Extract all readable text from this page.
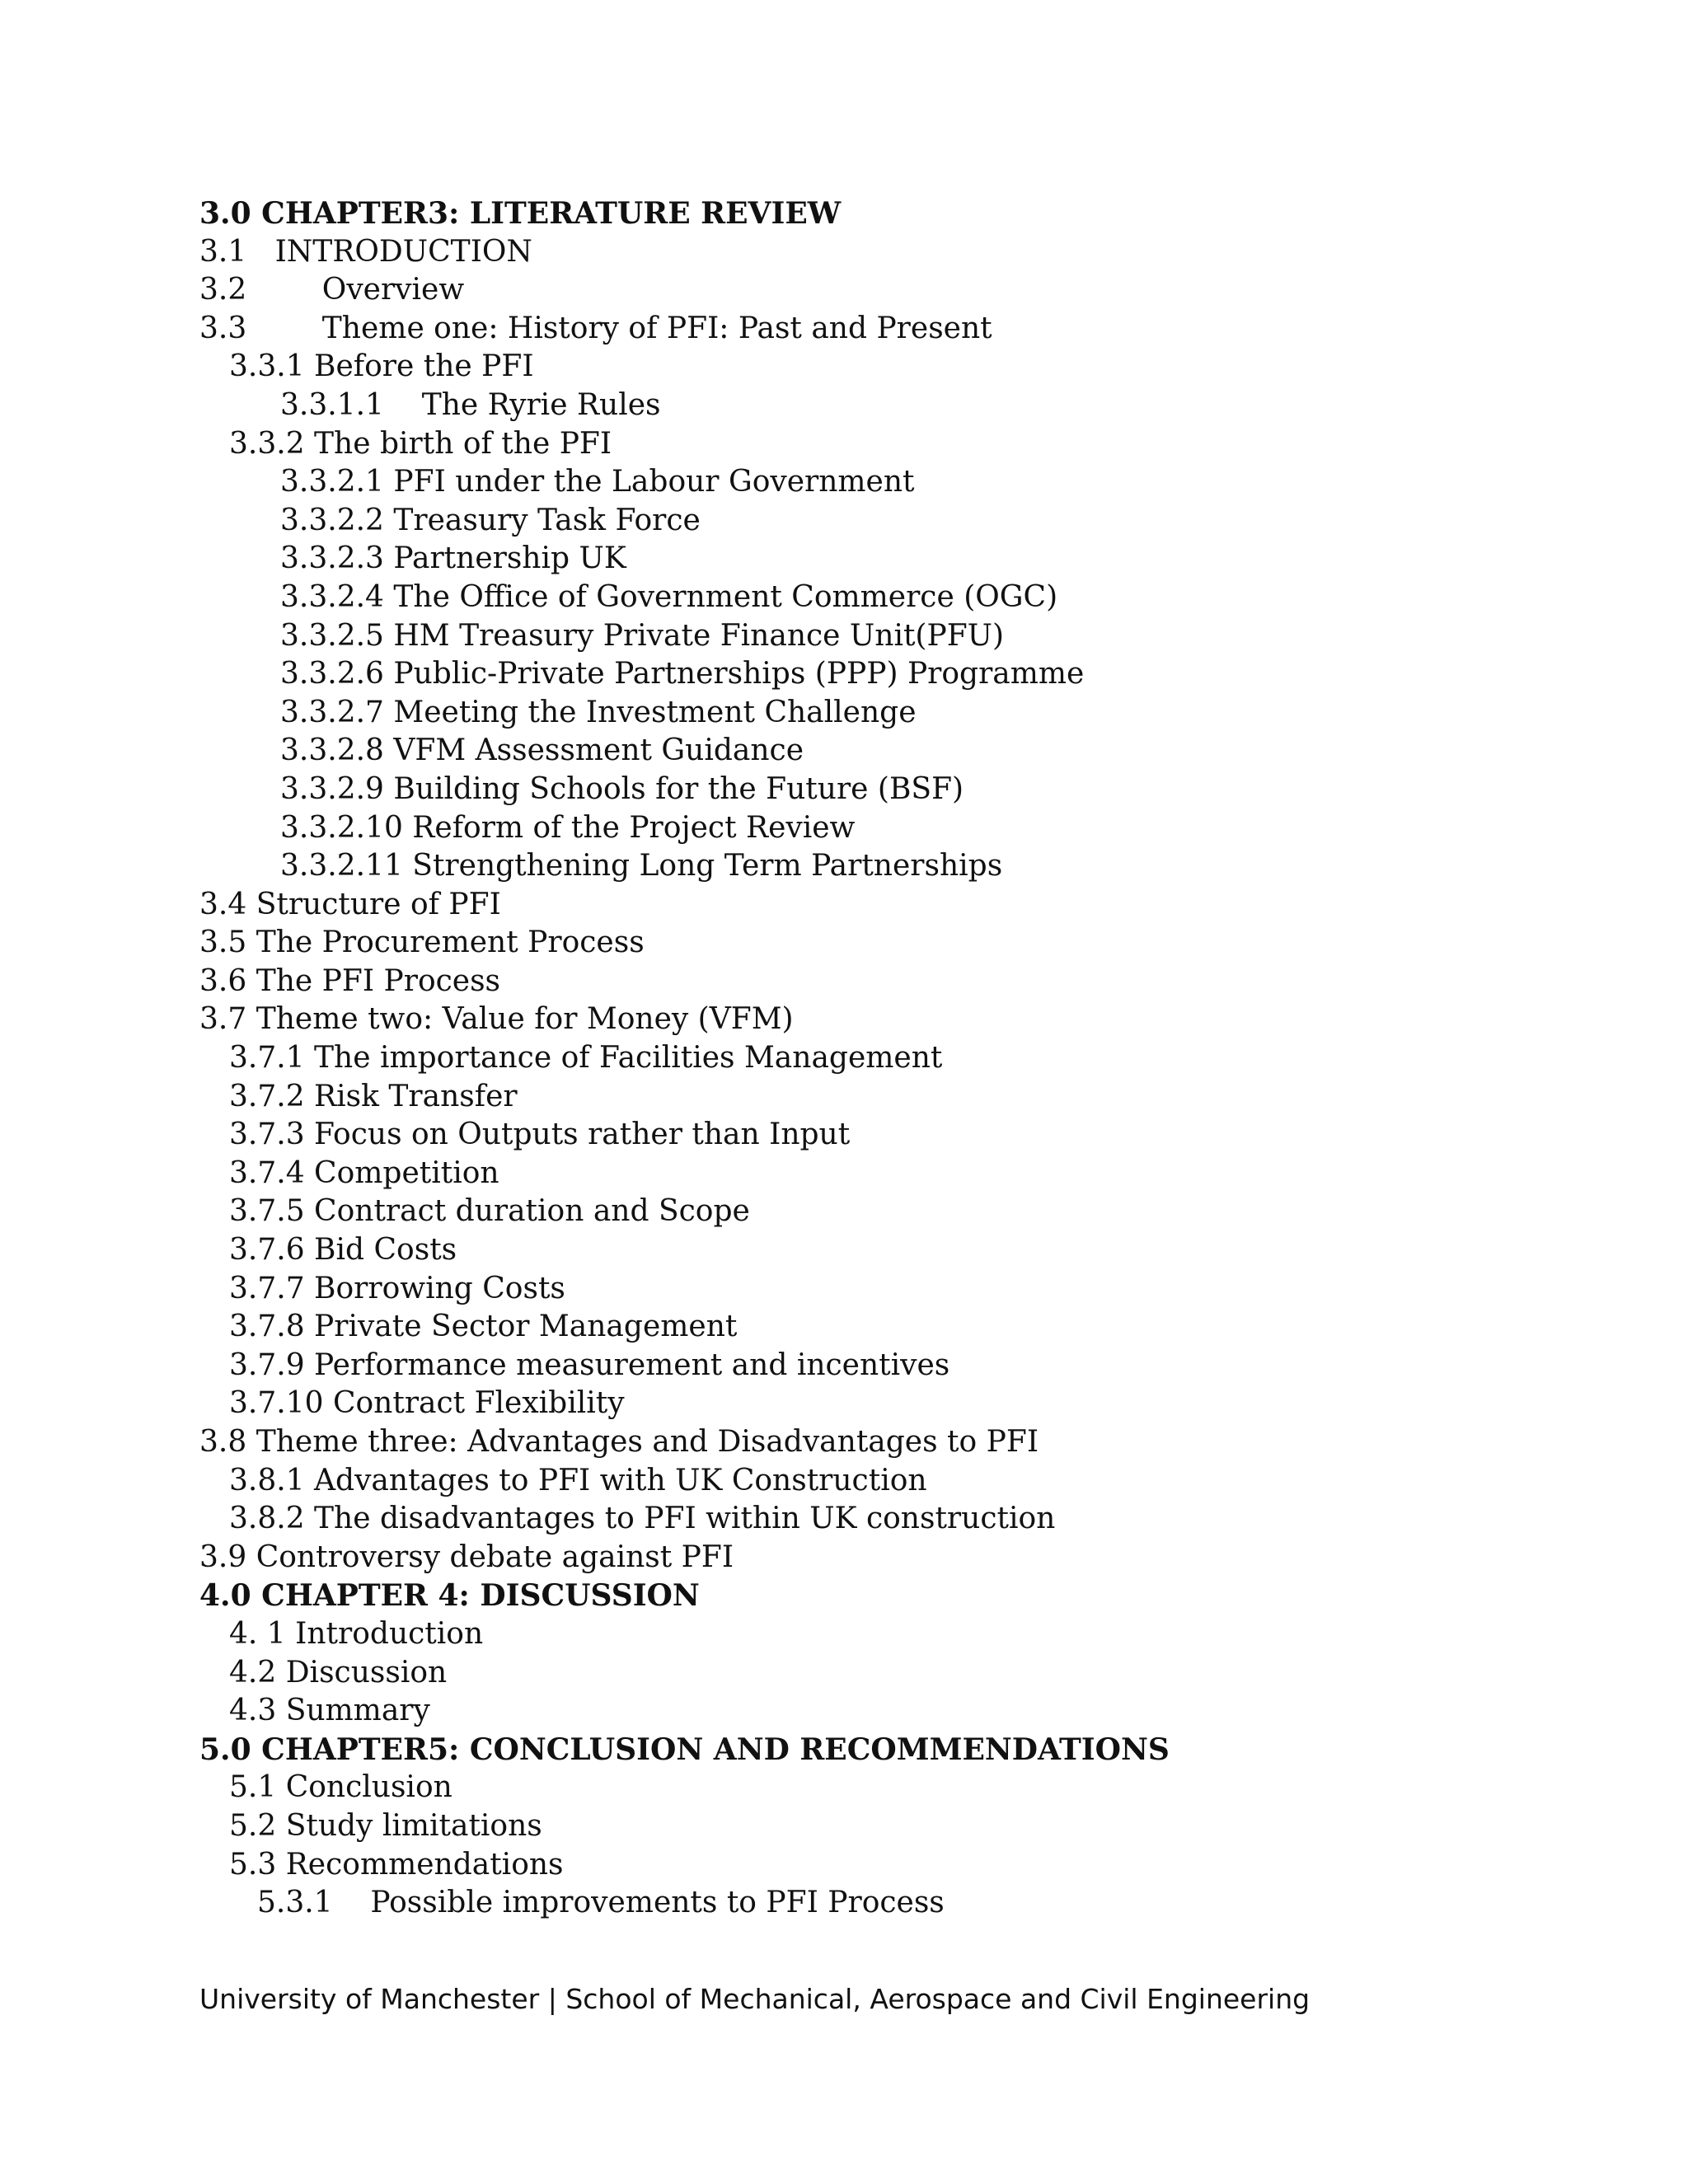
3.0 CHAPTER3: LITERATURE REVIEW
3.1   INTRODUCTION
3.2        Overview
3.3        Theme one: History of PFI: Past and Present
3.3.1 Before the PFI
3.3.1.1    The Ryrie Rules
3.3.2 The birth of the PFI
3.3.2.1 PFI under the Labour Government
3.3.2.2 Treasury Task Force
3.3.2.3 Partnership UK
3.3.2.4 The Office of Government Commerce (OGC)
3.3.2.5 HM Treasury Private Finance Unit(PFU)
3.3.2.6 Public-Private Partnerships (PPP) Programme
3.3.2.7 Meeting the Investment Challenge
3.3.2.8 VFM Assessment Guidance
3.3.2.9 Building Schools for the Future (BSF)
3.3.2.10 Reform of the Project Review
3.3.2.11 Strengthening Long Term Partnerships
3.4 Structure of PFI
3.5 The Procurement Process
3.6 The PFI Process
3.7 Theme two: Value for Money (VFM)
3.7.1 The importance of Facilities Management
3.7.2 Risk Transfer
3.7.3 Focus on Outputs rather than Input
3.7.4 Competition
3.7.5 Contract duration and Scope
3.7.6 Bid Costs
3.7.7 Borrowing Costs
3.7.8 Private Sector Management
3.7.9 Performance measurement and incentives
3.7.10 Contract Flexibility
3.8 Theme three: Advantages and Disadvantages to PFI
3.8.1 Advantages to PFI with UK Construction
3.8.2 The disadvantages to PFI within UK construction
3.9 Controversy debate against PFI
4.0 CHAPTER 4: DISCUSSION
4. 1 Introduction
4.2 Discussion
4.3 Summary
5.0 CHAPTER5: CONCLUSION AND RECOMMENDATIONS
5.1 Conclusion
5.2 Study limitations
5.3 Recommendations
5.3.1    Possible improvements to PFI Process
University of Manchester | School of Mechanical, Aerospace and Civil Engineering
